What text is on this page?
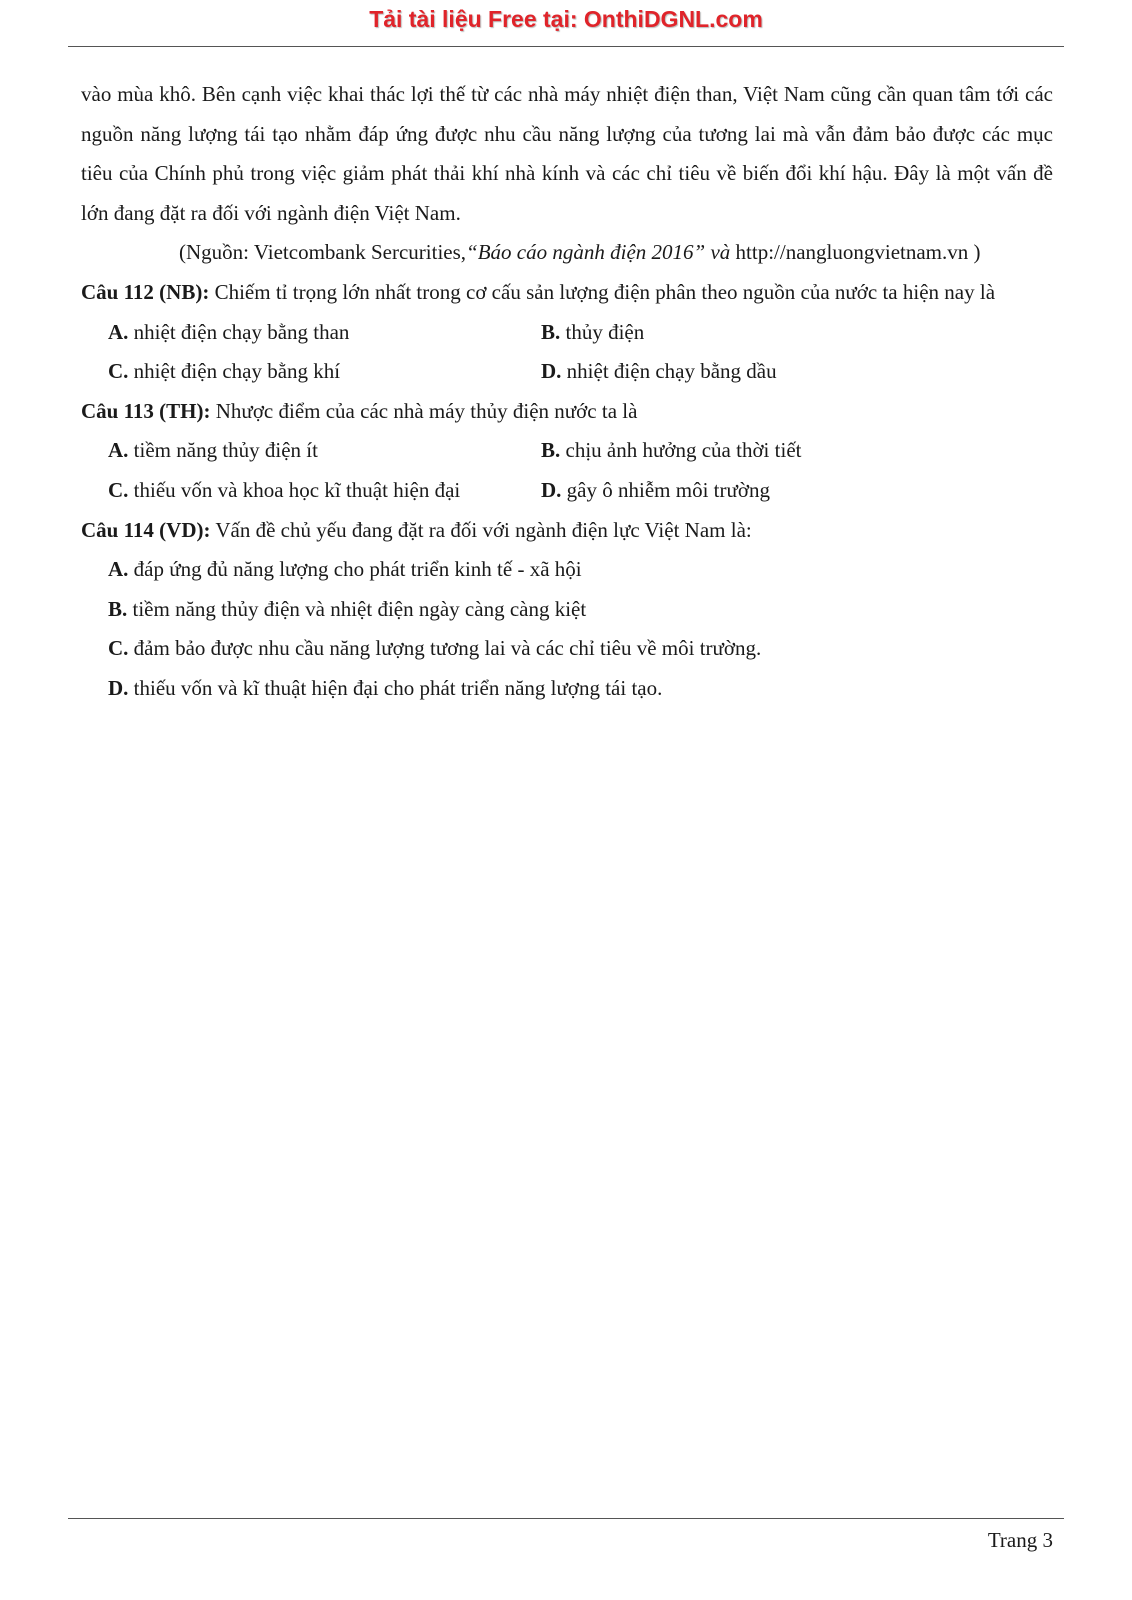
Tải tài liệu Free tại: OnthiDGNL.com
vào mùa khô. Bên cạnh việc khai thác lợi thế từ các nhà máy nhiệt điện than, Việt Nam cũng cần quan tâm tới các nguồn năng lượng tái tạo nhằm đáp ứng được nhu cầu năng lượng của tương lai mà vẫn đảm bảo được các mục tiêu của Chính phủ trong việc giảm phát thải khí nhà kính và các chỉ tiêu về biến đổi khí hậu. Đây là một vấn đề lớn đang đặt ra đối với ngành điện Việt Nam.
(Nguồn: Vietcombank Sercurities,“Báo cáo ngành điện 2016” và http://nangluongvietnam.vn )
Câu 112 (NB): Chiếm tỉ trọng lớn nhất trong cơ cấu sản lượng điện phân theo nguồn của nước ta hiện nay là
A. nhiệt điện chạy bằng than	B. thủy điện
C. nhiệt điện chạy bằng khí	D. nhiệt điện chạy bằng dầu
Câu 113 (TH): Nhược điểm của các nhà máy thủy điện nước ta là
A. tiềm năng thủy điện ít	B. chịu ảnh hưởng của thời tiết
C. thiếu vốn và khoa học kĩ thuật hiện đại	D. gây ô nhiễm môi trường
Câu 114 (VD): Vấn đề chủ yếu đang đặt ra đối với ngành điện lực Việt Nam là:
A. đáp ứng đủ năng lượng cho phát triển kinh tế - xã hội
B. tiềm năng thủy điện và nhiệt điện ngày càng càng kiệt
C. đảm bảo được nhu cầu năng lượng tương lai và các chỉ tiêu về môi trường.
D. thiếu vốn và kĩ thuật hiện đại cho phát triển năng lượng tái tạo.
Trang 3
